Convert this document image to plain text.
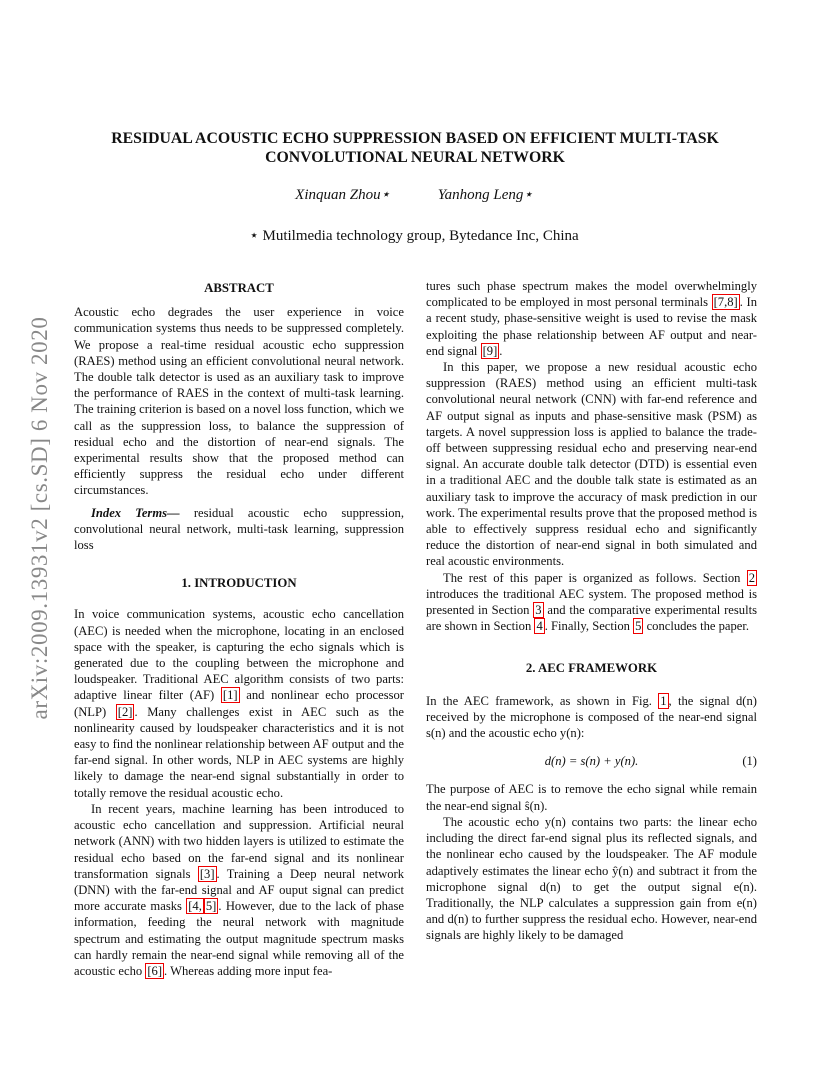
arXiv:2009.13931v2 [cs.SD] 6 Nov 2020
RESIDUAL ACOUSTIC ECHO SUPPRESSION BASED ON EFFICIENT MULTI-TASK
CONVOLUTIONAL NEURAL NETWORK
Xinquan Zhou⋆	Yanhong Leng⋆
⋆ Mutilmedia technology group, Bytedance Inc, China

ABSTRACT

Acoustic echo degrades the user experience in voice communication systems thus needs to be suppressed completely. We propose a real-time residual acoustic echo suppression (RAES) method using an efficient convolutional neural network. The double talk detector is used as an auxiliary task to improve the performance of RAES in the context of multi-task learning. The training criterion is based on a novel loss function, which we call as the suppression loss, to balance the suppression of residual echo and the distortion of near-end signals. The experimental results show that the proposed method can efficiently suppress the residual echo under different circumstances.

Index Terms— residual acoustic echo suppression, convolutional neural network, multi-task learning, suppression loss

1. INTRODUCTION

In voice communication systems, acoustic echo cancellation (AEC) is needed when the microphone, locating in an enclosed space with the speaker, is capturing the echo signals which is generated due to the coupling between the microphone and loudspeaker. Traditional AEC algorithm consists of two parts: adaptive linear filter (AF) [1] and nonlinear echo processor (NLP) [2] . Many challenges exist in AEC such as the nonlinearity caused by loudspeaker characteristics and it is not easy to find the nonlinear relationship between AF output and the far-end signal. In other words, NLP in AEC systems are highly likely to damage the near-end signal substantially in order to totally remove the residual acoustic echo.

In recent years, machine learning has been introduced to acoustic echo cancellation and suppression. Artificial neural network (ANN) with two hidden layers is utilized to estimate the residual echo based on the far-end signal and its nonlinear transformation signals [3] . Training a Deep neural network (DNN) with the far-end signal and AF ouput signal can predict more accurate masks [4, 5] . However, due to the lack of phase information, feeding the neural network with magnitude spectrum and estimating the output magnitude spectrum masks can hardly remain the near-end signal while removing all of the acoustic echo [6] . Whereas adding more input fea-

tures such phase spectrum makes the model overwhelmingly complicated to be employed in most personal terminals [7,8] . In a recent study, phase-sensitive weight is used to revise the mask exploiting the phase relationship between AF output and near-end signal [9] .

In this paper, we propose a new residual acoustic echo suppression (RAES) method using an efficient multi-task convolutional neural network (CNN) with far-end reference and AF output signal as inputs and phase-sensitive mask (PSM) as targets. A novel suppression loss is applied to balance the trade-off between suppressing residual echo and preserving near-end signal. An accurate double talk detector (DTD) is essential even in a traditional AEC and the double talk state is estimated as an auxiliary task to improve the accuracy of mask prediction in our work. The experimental results prove that the proposed method is able to effectively suppress residual echo and significantly reduce the distortion of near-end signal in both simulated and real acoustic environments.

The rest of this paper is organized as follows. Section 2 introduces the traditional AEC system. The proposed method is presented in Section 3 and the comparative experimental results are shown in Section 4 . Finally, Section 5 concludes the paper.

2. AEC FRAMEWORK

In the AEC framework, as shown in Fig. 1 , the signal d(n) received by the microphone is composed of the near-end signal s(n) and the acoustic echo y(n):

d(n) = s(n) + y(n).	(1)

The purpose of AEC is to remove the echo signal while remain the near-end signal ŝ(n).

The acoustic echo y(n) contains two parts: the linear echo including the direct far-end signal plus its reflected signals, and the nonlinear echo caused by the loudspeaker. The AF module adaptively estimates the linear echo ŷ(n) and subtract it from the microphone signal d(n) to get the output signal e(n). Traditionally, the NLP calculates a suppression gain from e(n) and d(n) to further suppress the residual echo. However, near-end signals are highly likely to be damaged
